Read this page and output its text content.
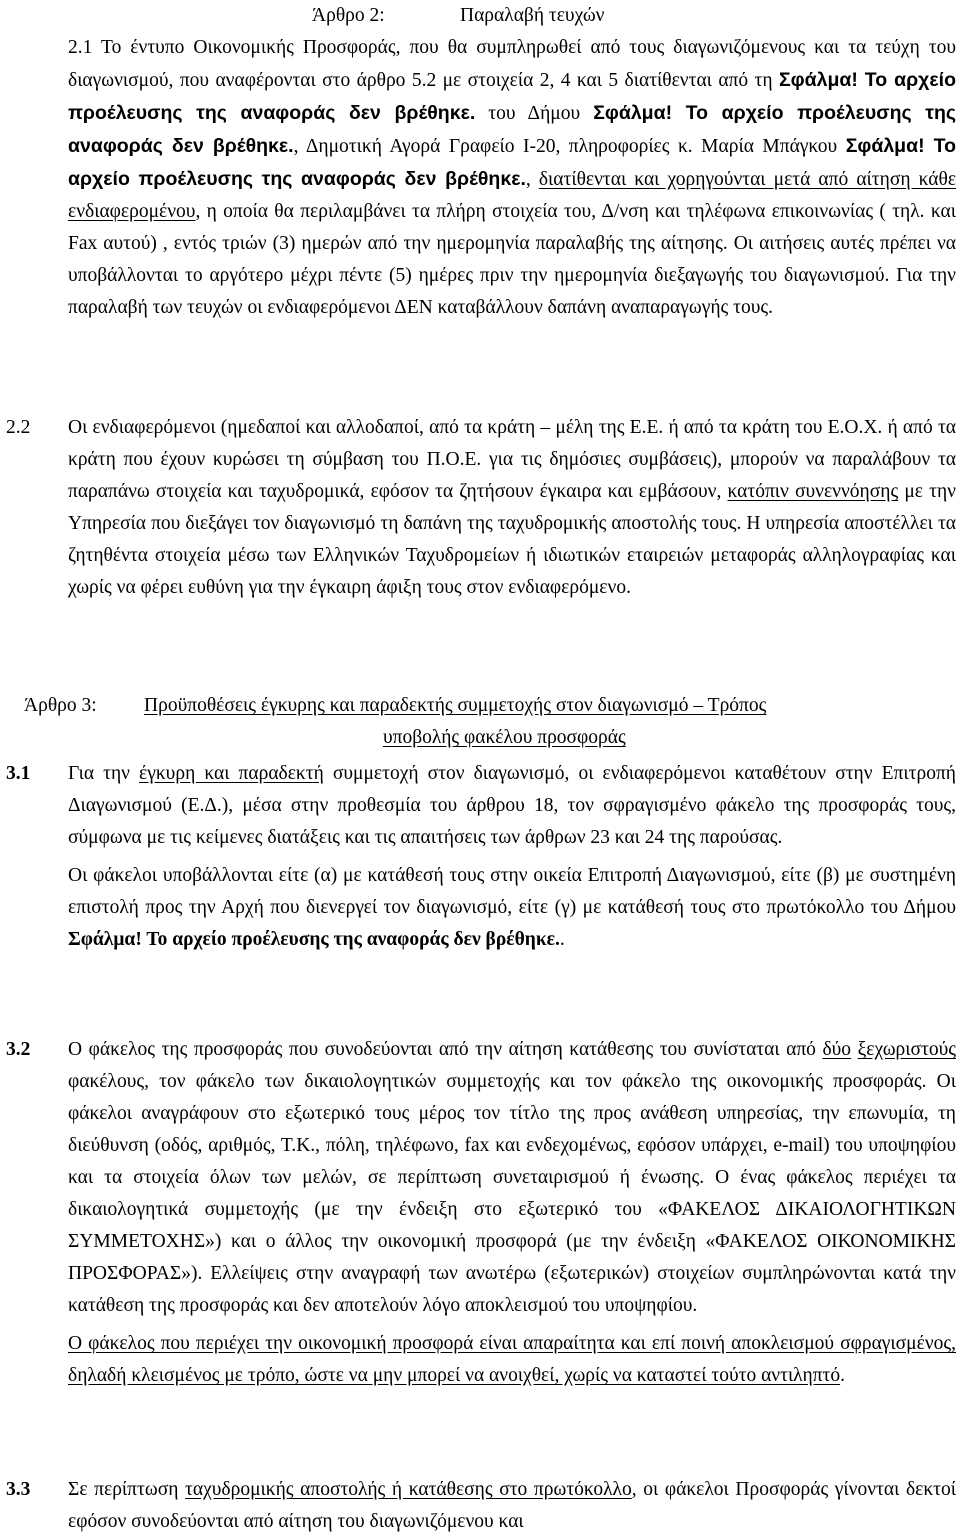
Άρθρο 2:	Παραλαβή τευχών

2.1 Το έντυπο Οικονομικής Προσφοράς, που θα συμπληρωθεί από τους διαγωνιζόμενους και τα τεύχη του διαγωνισμού, που αναφέρονται στο άρθρο 5.2 με στοιχεία 2, 4 και 5 διατίθενται από τη Σφάλμα! Το αρχείο προέλευσης της αναφοράς δεν βρέθηκε. του Δήμου Σφάλμα! Το αρχείο προέλευσης της αναφοράς δεν βρέθηκε., Δημοτική Αγορά Γραφείο Ι-20, πληροφορίες κ. Μαρία Μπάγκου Σφάλμα! Το αρχείο προέλευσης της αναφοράς δεν βρέθηκε., διατίθενται και χορηγούνται μετά από αίτηση κάθε ενδιαφερομένου, η οποία θα περιλαμβάνει τα πλήρη στοιχεία του, Δ/νση και τηλέφωνα επικοινωνίας ( τηλ. και Fax αυτού) , εντός τριών (3) ημερών από την ημερομηνία παραλαβής της αίτησης. Οι αιτήσεις αυτές πρέπει να υποβάλλονται το αργότερο μέχρι πέντε (5) ημέρες πριν την ημερομηνία διεξαγωγής του διαγωνισμού. Για την παραλαβή των τευχών οι ενδιαφερόμενοι ΔΕΝ καταβάλλουν δαπάνη αναπαραγωγής τους.

2.2	Οι ενδιαφερόμενοι (ημεδαποί και αλλοδαποί, από τα κράτη – μέλη της Ε.Ε. ή από τα κράτη του Ε.Ο.Χ. ή από τα κράτη που έχουν κυρώσει τη σύμβαση του Π.Ο.Ε. για τις δημόσιες συμβάσεις), μπορούν να παραλάβουν τα παραπάνω στοιχεία και ταχυδρομικά, εφόσον τα ζητήσουν έγκαιρα και εμβάσουν, κατόπιν συνεννόησης με την Υπηρεσία που διεξάγει τον διαγωνισμό τη δαπάνη της ταχυδρομικής αποστολής τους. Η υπηρεσία αποστέλλει τα ζητηθέντα στοιχεία μέσω των Ελληνικών Ταχυδρομείων ή ιδιωτικών εταιρειών μεταφοράς αλληλογραφίας και χωρίς να φέρει ευθύνη για την έγκαιρη άφιξη τους στον ενδιαφερόμενο.

Άρθρο 3:	Προϋποθέσεις έγκυρης και παραδεκτής συμμετοχής στον διαγωνισμό – Τρόπος
υποβολής φακέλου προσφοράς
3.1	Για την έγκυρη και παραδεκτή συμμετοχή στον διαγωνισμό, οι ενδιαφερόμενοι καταθέτουν στην Επιτροπή Διαγωνισμού (Ε.Δ.), μέσα στην προθεσμία του άρθρου 18, τον σφραγισμένο φάκελο της προσφοράς τους, σύμφωνα με τις κείμενες διατάξεις και τις απαιτήσεις των άρθρων 23 και 24 της παρούσας.

Οι φάκελοι υποβάλλονται είτε (α) με κατάθεσή τους στην οικεία Επιτροπή Διαγωνισμού, είτε (β) με συστημένη επιστολή προς την Αρχή που διενεργεί τον διαγωνισμό, είτε (γ) με κατάθεσή τους στο πρωτόκολλο του Δήμου Σφάλμα! Το αρχείο προέλευσης της αναφοράς δεν βρέθηκε..

3.2	Ο φάκελος της προσφοράς που συνοδεύονται από την αίτηση κατάθεσης του συνίσταται από δύο ξεχωριστούς φακέλους, τον φάκελο των δικαιολογητικών συμμετοχής και τον φάκελο της οικονομικής προσφοράς. Οι φάκελοι αναγράφουν στο εξωτερικό τους μέρος τον τίτλο της προς ανάθεση υπηρεσίας, την επωνυμία, τη διεύθυνση (οδός, αριθμός, Τ.Κ., πόλη, τηλέφωνο, fax και ενδεχομένως, εφόσον υπάρχει, e-mail) του υποψηφίου και τα στοιχεία όλων των μελών, σε περίπτωση συνεταιρισμού ή ένωσης. Ο ένας φάκελος περιέχει τα δικαιολογητικά συμμετοχής (με την ένδειξη στο εξωτερικό του «ΦΑΚΕΛΟΣ ΔΙΚΑΙΟΛΟΓΗΤΙΚΩΝ ΣΥΜΜΕΤΟΧΗΣ») και ο άλλος την οικονομική προσφορά (με την ένδειξη «ΦΑΚΕΛΟΣ ΟΙΚΟΝΟΜΙΚΗΣ ΠΡΟΣΦΟΡΑΣ»). Ελλείψεις στην αναγραφή των ανωτέρω (εξωτερικών) στοιχείων συμπληρώνονται κατά την κατάθεση της προσφοράς και δεν αποτελούν λόγο αποκλεισμού του υποψηφίου.

Ο φάκελος που περιέχει την οικονομική προσφορά είναι απαραίτητα και επί ποινή αποκλεισμού σφραγισμένος, δηλαδή κλεισμένος με τρόπο, ώστε να μην μπορεί να ανοιχθεί, χωρίς να καταστεί τούτο αντιληπτό.

3.3	Σε περίπτωση ταχυδρομικής αποστολής ή κατάθεσης στο πρωτόκολλο, οι φάκελοι Προσφοράς γίνονται δεκτοί εφόσον συνοδεύονται από αίτηση του διαγωνιζόμενου και
